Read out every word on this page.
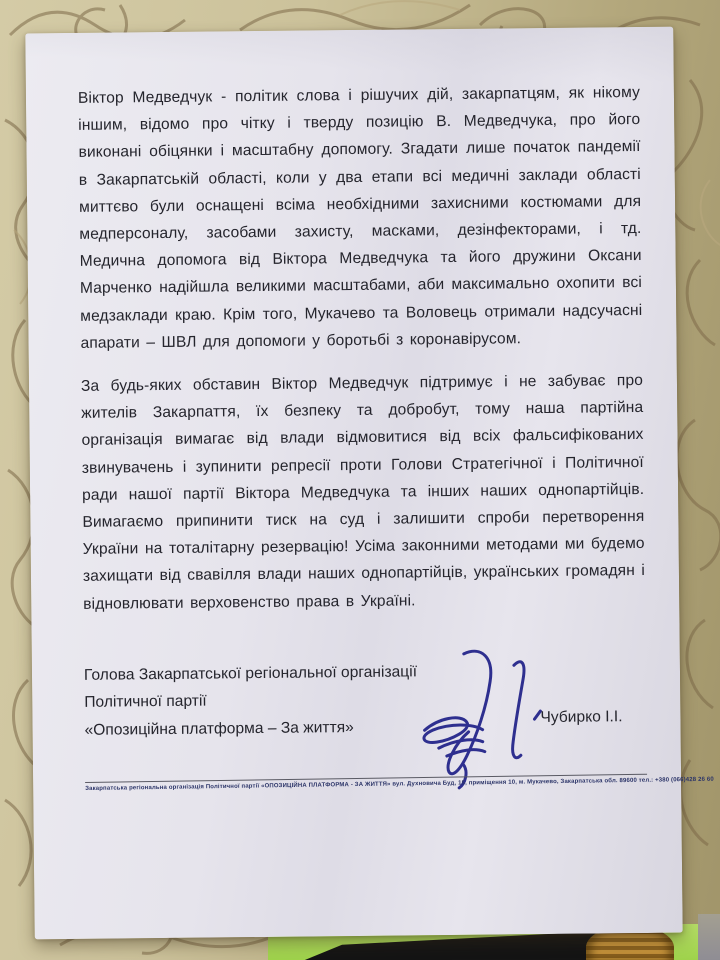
Віктор Медведчук - політик слова і рішучих дій, закарпатцям, як нікому іншим, відомо про чітку і тверду позицію В. Медведчука, про його виконані обіцянки і масштабну допомогу. Згадати лише початок пандемії в Закарпатській області, коли у два етапи всі медичні заклади області миттєво були оснащені всіма необхідними захисними костюмами для медперсоналу, засобами захисту, масками, дезінфекторами, і тд. Медична допомога від Віктора Медведчука та його дружини Оксани Марченко надійшла великими масштабами, аби максимально охопити всі медзаклади краю. Крім того, Мукачево та Воловець отримали надсучасні апарати – ШВЛ для допомоги у боротьбі з коронавірусом.

За будь-яких обставин Віктор Медведчук підтримує і не забуває про жителів Закарпаття, їх безпеку та добробут, тому наша партійна організація вимагає від влади відмовитися від всіх фальсифікованих звинувачень і зупинити репресії проти Голови Стратегічної і Політичної ради нашої партії Віктора Медведчука та інших наших однопартійців. Вимагаємо припинити тиск на суд і залишити спроби перетворення України на тоталітарну резервацію! Усіма законними методами ми будемо захищати від свавілля влади наших однопартійців, українських громадян і відновлювати верховенство права в Україні.

Голова Закарпатської регіональної організації
Політичної партії
«Опозиційна платформа – За життя»
Чубирко І.І.
Закарпатська регіональна організація Політичної партії «ОПОЗИЦІЙНА ПЛАТФОРМА - ЗА ЖИТТЯ» вул. Духновича Буд, 15, приміщення 10, м. Мукачево, Закарпатська обл. 89600 тел.: +380 (066)428 26 60
